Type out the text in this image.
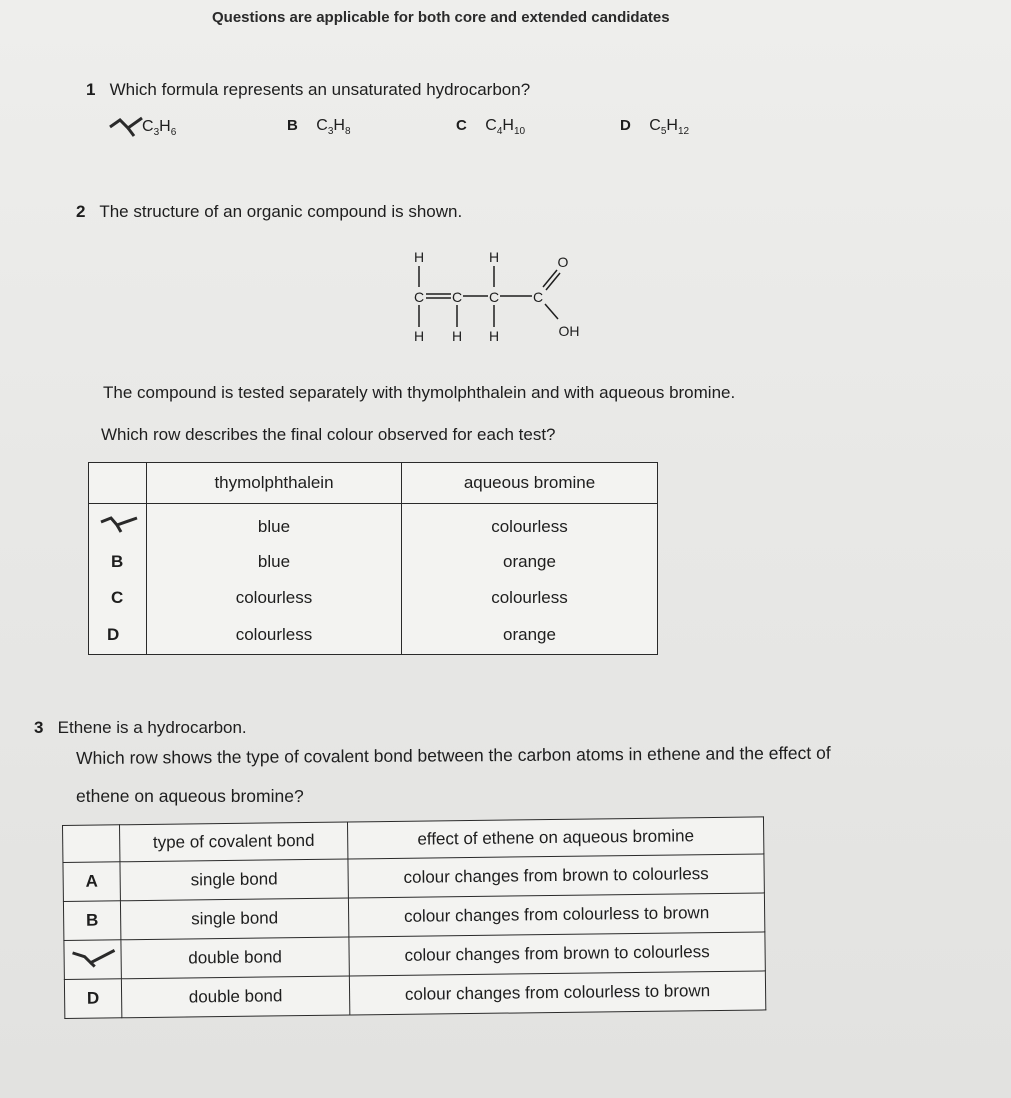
Questions are applicable for both core and extended candidates
1 Which formula represents an unsaturated hydrocarbon?
$C_3H_6$	B $C_3H_8$	C $C_4H_{10}$	D $C_5H_{12}$
2 The structure of an organic compound is shown.
H	H	O
C C C C
H H H	OH
The compound is tested separately with thymolphthalein and with aqueous bromine.
Which row describes the final colour observed for each test?
	thymolphthalein	aqueous bromine
	blue	colourless
B	blue	orange
C	colourless	colourless
D	colourless	orange
3 Ethene is a hydrocarbon.
Which row shows the type of covalent bond between the carbon atoms in ethene and the effect of
ethene on aqueous bromine?
	type of covalent bond	effect of ethene on aqueous bromine
A	single bond	colour changes from brown to colourless
B	single bond	colour changes from colourless to brown
	double bond	colour changes from brown to colourless
D	double bond	colour changes from colourless to brown
